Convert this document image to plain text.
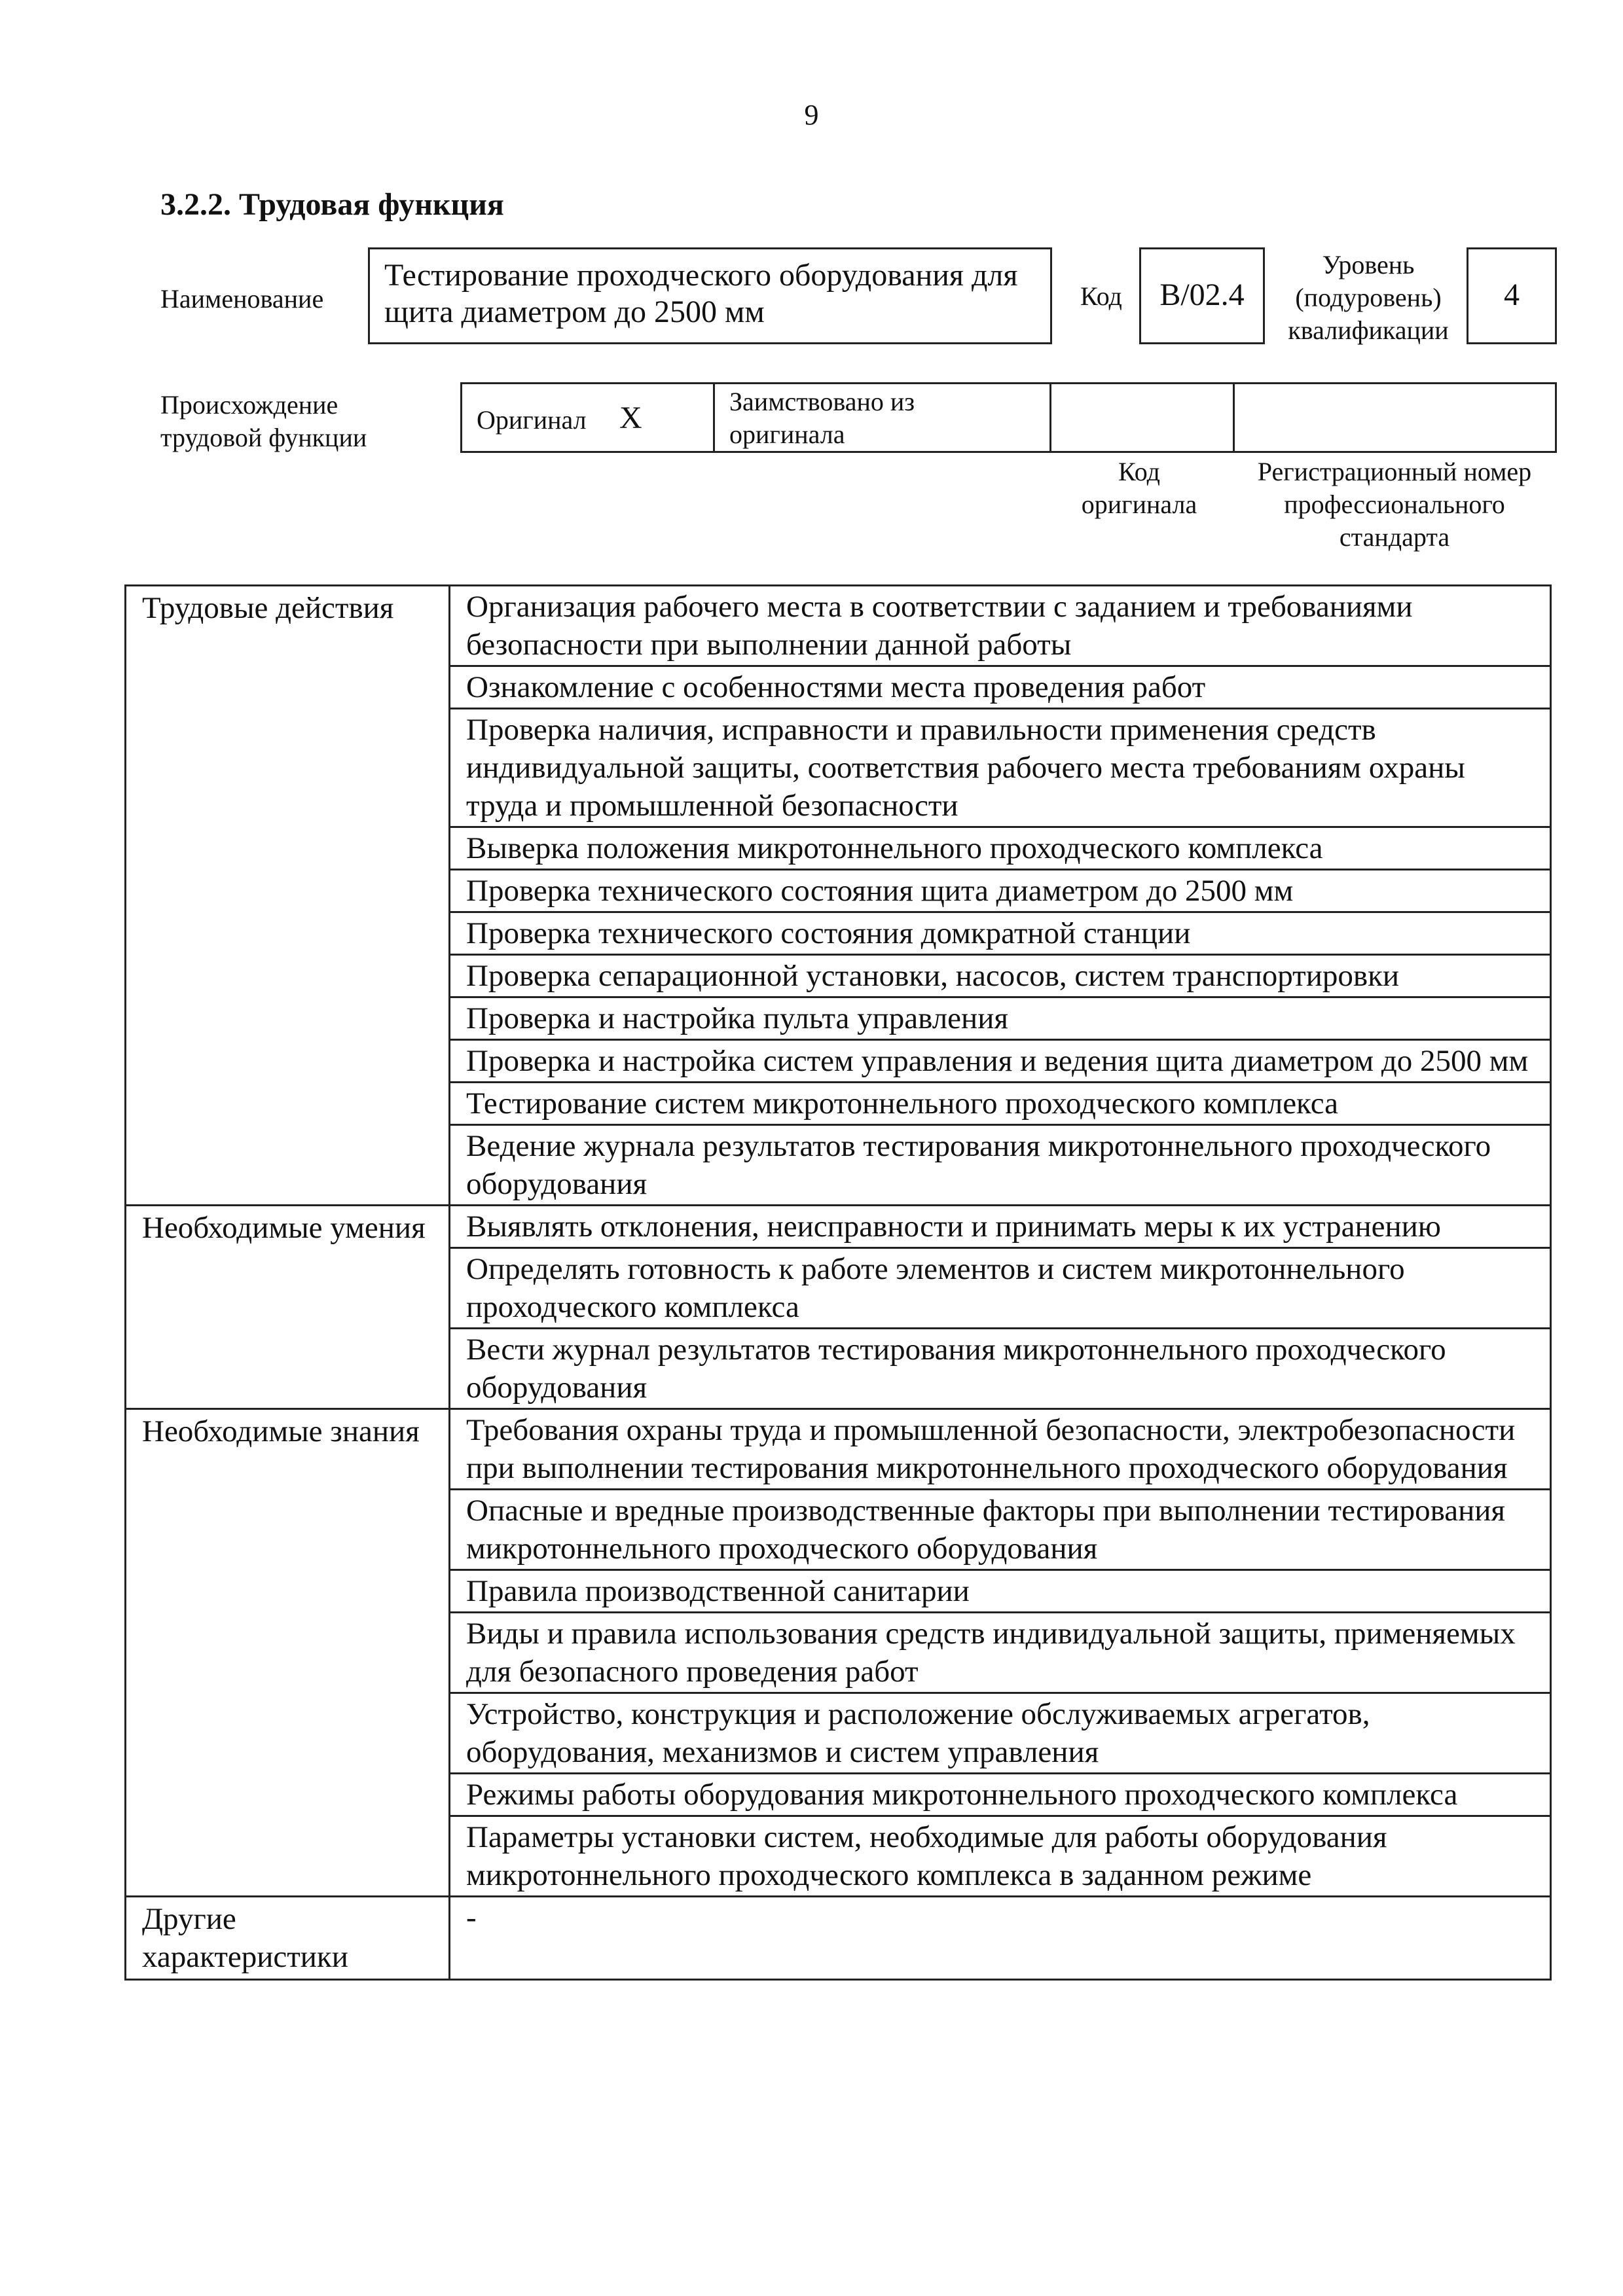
9
3.2.2. Трудовая функция
Наименование
Тестирование проходческого оборудования для щита диаметром до 2500 мм	Код	B/02.4
Уровень (подуровень) квалификации
4
Происхождение трудовой функции
Оригинал X	Заимствовано из оригинала
Код оригинала
Регистрационный номер профессионального стандарта
Трудовые действия	Организация рабочего места в соответствии с заданием и требованиями безопасности при выполнении данной работы
	Ознакомление с особенностями места проведения работ
	Проверка наличия, исправности и правильности применения средств индивидуальной защиты, соответствия рабочего места требованиям охраны труда и промышленной безопасности
	Выверка положения микротоннельного проходческого комплекса
	Проверка технического состояния щита диаметром до 2500 мм
	Проверка технического состояния домкратной станции
	Проверка сепарационной установки, насосов, систем транспортировки
	Проверка и настройка пульта управления
	Проверка и настройка систем управления и ведения щита диаметром до 2500 мм
	Тестирование систем микротоннельного проходческого комплекса
	Ведение журнала результатов тестирования микротоннельного проходческого оборудования
Необходимые умения	Выявлять отклонения, неисправности и принимать меры к их устранению
	Определять готовность к работе элементов и систем микротоннельного проходческого комплекса
	Вести журнал результатов тестирования микротоннельного проходческого оборудования
Необходимые знания	Требования охраны труда и промышленной безопасности, электробезопасности при выполнении тестирования микротоннельного проходческого оборудования
	Опасные и вредные производственные факторы при выполнении тестирования микротоннельного проходческого оборудования
	Правила производственной санитарии
	Виды и правила использования средств индивидуальной защиты, применяемых для безопасного проведения работ
	Устройство, конструкция и расположение обслуживаемых агрегатов, оборудования, механизмов и систем управления
	Режимы работы оборудования микротоннельного проходческого комплекса
	Параметры установки систем, необходимые для работы оборудования микротоннельного проходческого комплекса в заданном режиме
Другие характеристики	-
